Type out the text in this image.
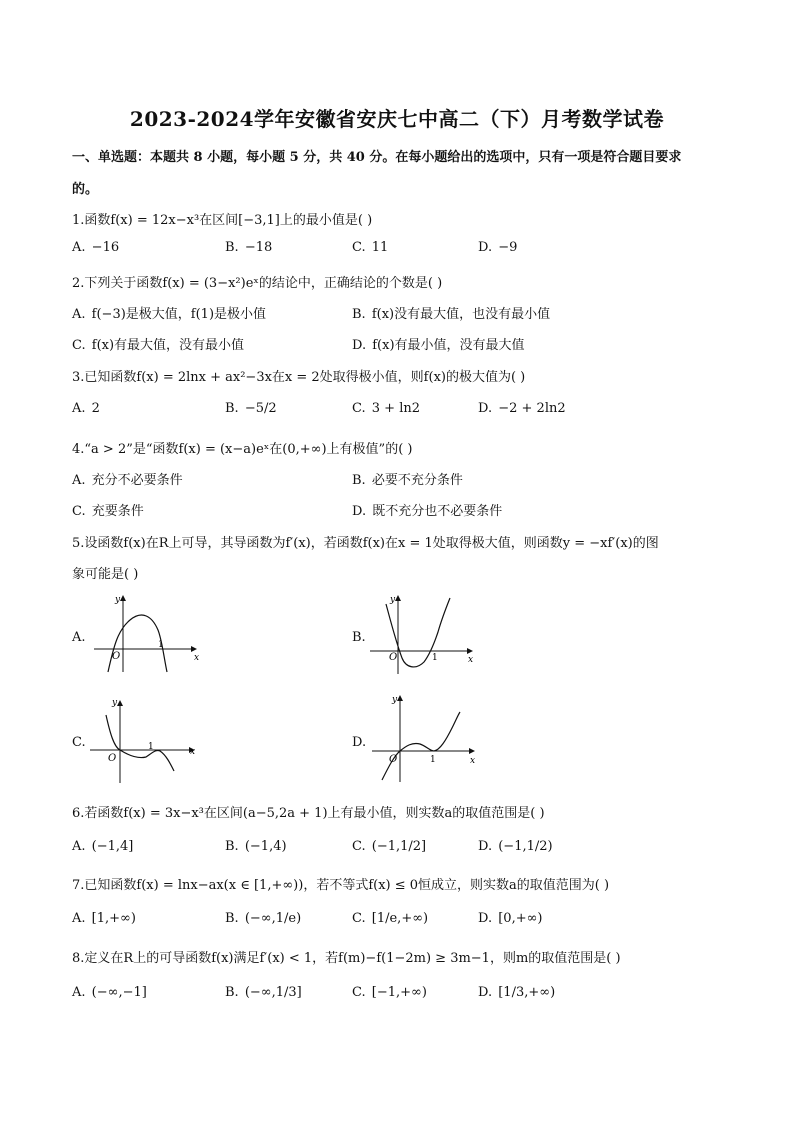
2023-2024学年安徽省安庆七中高二（下）月考数学试卷
一、单选题：本题共 8 小题，每小题 5 分，共 40 分。在每小题给出的选项中，只有一项是符合题目要求
的。
1.函数f(x) = 12x−x³在区间[−3,1]上的最小值是( )
A. −16	B. −18	C. 11	D. −9
2.下列关于函数f(x) = (3−x²)eˣ的结论中，正确结论的个数是( )
A. f(−3)是极大值，f(1)是极小值	B. f(x)没有最大值，也没有最小值
C. f(x)有最大值，没有最小值	D. f(x)有最小值，没有最大值
3.已知函数f(x) = 2lnx + ax²−3x在x = 2处取得极小值，则f(x)的极大值为( )
A. 2	B. −5/2	C. 3 + ln2	D. −2 + 2ln2
4.“a > 2”是“函数f(x) = (x−a)eˣ在(0,+∞)上有极值”的( )
A. 充分不必要条件	B. 必要不充分条件
C. 充要条件	D. 既不充分也不必要条件
5.设函数f(x)在R上可导，其导函数为f′(x)，若函数f(x)在x = 1处取得极大值，则函数y = −xf′(x)的图
象可能是( )
A.	B.
C.	D.
y
x
O
1
y
x
O	1
y
x
O
1
y
x
O	1
6.若函数f(x) = 3x−x³在区间(a−5,2a + 1)上有最小值，则实数a的取值范围是( )
A. (−1,4]	B. (−1,4)	C. (−1,1/2]	D. (−1,1/2)
7.已知函数f(x) = lnx−ax(x ∈ [1,+∞))，若不等式f(x) ≤ 0恒成立，则实数a的取值范围为( )
A. [1,+∞)	B. (−∞,1/e)	C. [1/e,+∞)	D. [0,+∞)
8.定义在R上的可导函数f(x)满足f′(x) < 1，若f(m)−f(1−2m) ≥ 3m−1，则m的取值范围是( )
A. (−∞,−1]	B. (−∞,1/3]	C. [−1,+∞)	D. [1/3,+∞)
